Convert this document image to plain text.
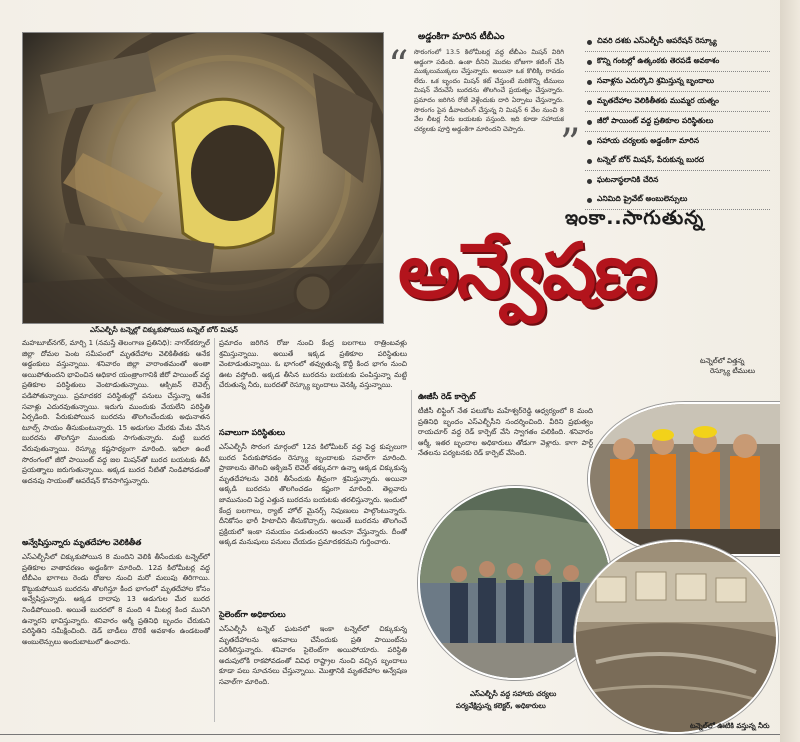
ఎస్ఎల్బీసీ టన్నెల్లో చిక్కుకుపోయిన టన్నెల్ బోర్ మిషన్

అడ్డంకిగా మారిన టీబీఎం

“
”

సొరంగంలో 13.5 కిలోమీటర్ల వద్ద టీబీఎం మిషన్ విరిగి అడ్డంగా పడింది. ఉంకా దీనిని మొదట బోజుగా కటింగ్ చేసి ముక్కలుముక్కలు చేస్తున్నారు. అయినా ఒక కొలిక్కి రావడం లేదు. ఒక బృందం మిషన్ కట్ చేస్తుంటే మరికొన్ని టీములు మిషన్ వేరుచేసే బురదను తొలగించే ప్రయత్నం చేస్తున్నారు. ప్రమాదం జరిగిన రోజే వెళ్లేందుకు దారి ఏర్పాటు చేస్తున్నారు. సొరంగం పైన డీవాటరింగ్ చేస్తున్న ని మిషన్ 6 వేల నుంచి 8 వేల లీటర్ల నీరు బయటకు వస్తుంది. ఇది కూడా సహాయక చర్యలకు పూర్తి అడ్డంకిగా మారిందని చెప్పారు.

చివరి దశకు ఎస్ఎల్బీసీ ఆపరేషన్ రెస్క్యూ
కొన్ని గంటల్లో ఉత్కంఠకు తెరపడే అవకాశం
సవాళ్లను ఎదుర్కొని శ్రమిస్తున్న బృందాలు
మృతదేహాల వెలికితీతకు ముమ్మర యత్నం
జీరో పాయింట్ వద్ద ప్రతికూల పరిస్థితులు
సహాయ చర్యలకు అడ్డంకిగా మారిన
టన్నెల్ బోర్ మిషన్, పేరుకున్న బురద
ఘటనాస్థలానికి చేరిన
ఎనిమిది ప్రైవేట్ అంబులెన్సులు
ఇంకా..సాగుతున్న
అన్వేషణ

మహబూబ్‌నగర్, మార్చి 1 (నమస్తే తెలంగాణ ప్రతినిధి): నాగర్‌కర్నూల్ జిల్లా దోమల పెంట సమీపంలో మృతదేహాల వెలికితీతకు అనేక అడ్డంకులు వస్తున్నాయి. శనివారం జిల్లా వారాంతమంతో అంతా అయిపోతుందని భావించిన అధికార యంత్రాంగానికి జీరో పాయింట్ వద్ద ప్రతికూల పరిస్థితులు వెంటాడుతున్నాయి. ఆక్సిజన్ లెవెల్స్ పడిపోతున్నాయి. ప్రమాదకర పరిస్థితుల్లో పనులు చేస్తున్నా అనేక సవాళ్లు ఎదురవుతున్నాయి. ఇదుగు ముందుకు వేయలేని పరిస్థితి ఏర్పడింది. పేరుకుపోయిన బురదను తొలగించేందుకు అధునాతన టూల్స్ సాయం తీసుకుంటున్నారు. 15 అడుగుల మేరకు మేట వేసిన బురదను తొలగిస్తూ ముందుకు సాగుతున్నారు. మట్టి బురద వేరువుతున్నాయి. రెస్క్యూ కష్టసాధ్యంగా మారింది. ఇదిలా ఉంటే సొరంగంలో జీరో పాయింట్ వద్ద జల మిషన్‌తో బురద బయటకు తీసే ప్రయత్నాలు జరుగుతున్నాయి. అక్కడ బురద నీటితో నిండిపోవడంతో అదనపు సాయంతో ఆపరేషన్ కొనసాగిస్తున్నారు.

అన్వేషిస్తున్నారు మృతదేహాల వెలికితీత

ఎస్ఎల్బీసీలో చిక్కుకుపోయిన 8 మందిని వెలికి తీసేందుకు టన్నెల్‌లో ప్రతికూల వాతావరణం అడ్డంకిగా మారింది. 12వ కిలోమీటర్ల వద్ద టీబీఎం భాగాలు రెండు రోజుల నుంచి మరో మలుపు తిరిగాయి. కొట్టుకుపోయిన బురదను తొలగిస్తూ కింద భాగంలో మృతదేహాల కోసం అన్వేషిస్తున్నారు. అక్కడ దాదాపు 13 అడుగుల మేర బురద నిండిపోయింది. అయితే బురదలో 8 మంది 4 మీటర్ల కింద మునిగి ఉన్నారని భావిస్తున్నారు. శనివారం ఆర్మీ ప్రతినిధి బృందం చేరుకుని పరిస్థితిని సమీక్షించింది. డెడ్ బాడీలు దొరికే అవకాశం ఉండటంతో అంబులెన్సులు అందుబాటులో ఉంచారు.

ప్రమాదం జరిగిన రోజు నుంచి కేంద్ర బలగాలు రాత్రింబవళ్లు శ్రమిస్తున్నాయి. అయితే ఇక్కడ ప్రతికూల పరిస్థితులు వెంటాడుతున్నాయి. ఓ భాగంలో తవ్వుతున్న కొద్దీ కింద భాగం నుంచి ఊట వస్తోంది. అక్కడ తీసిన బురదను బయటకు పంపిస్తున్నా మట్టి చేరుతున్న నీరు, బురదతో రెస్క్యూ బృందాలు వెనక్కి వస్తున్నాయి.

సవాలుగా పరిస్థితులు

ఎస్ఎల్బీసీ సొరంగ మార్గంలో 12వ కిలోమీటర్ వద్ద పెద్ద కుప్పలుగా బురద పేరుకుపోవడం రెస్క్యూ బృందాలకు సవాల్‌గా మారింది. ప్రాణాలను తెగించి ఆక్సిజన్ లెవెల్ తక్కువగా ఉన్నా అక్కడ చిక్కుకున్న మృతదేహాలను వెలికి తీసేందుకు తీవ్రంగా శ్రమిస్తున్నారు. అయినా అక్కడి బురదను తొలగించడం కష్టంగా మారింది. తెల్లవారు జామునుంచి పెద్ద ఎత్తున బురదను బయటకు తరలిస్తున్నారు. ఇందులో కేంద్ర బలగాలు, ర్యాట్ హోల్ మైనర్స్ నిపుణులు పాల్గొంటున్నారు. దీనికోసం భారీ హిటాచీని తీసుకొచ్చారు. అయితే బురదను తొలగించే ప్రక్రియలో ఇంకా సమయం పడుతుందని అంచనా వేస్తున్నారు. దీంతో అక్కడ మనుషులు పనులు చేయడం ప్రమాదకరమని గుర్తించారు.

సైలెంట్‌గా అధికారులు

ఎస్ఎల్బీసీ టన్నెల్ ఘటనలో ఇంకా టన్నెల్‌లో చిక్కుకున్న మృతదేహాలను ఆనవాలు చేసేందుకు ప్రతి పాయింట్‌ను పరిశీలిస్తున్నారు. శనివారం సైలెంట్‌గా అయిపోయారు. పరిస్థితి అదుపులోకి రాకపోవడంతో వివిధ రాష్ట్రాల నుంచి వచ్చిన బృందాలు కూడా పలు సూచనలు చేస్తున్నాయి. మొత్తానికి మృతదేహాల అన్వేషణ సవాల్‌గా మారింది.

ఊజీసీ రెడ్ కార్పెట్

టీజీసీ లిఫ్టింగ్ నేత పలుకోట మహేశ్వర్‌రెడ్డి ఆధ్వర్యంలో 8 మంది ప్రతినిధి బృందం ఎస్ఎల్బీసీని సందర్శించింది. వీరిని ప్రభుత్వం రాయచూర్ వద్ద రెడ్ కార్పెట్ వేసి స్వాగతం పలికింది. శనివారం ఆర్మీ, ఇతర బృందాల అధికారులు తోడుగా వెళ్లారు. కాగా పార్ట్ నేతలను పర్యటనకు రెడ్ కార్పెట్ వేసింది.

టన్నెల్‌లో విత్తన్న
రెస్క్యూ టీములు
ఎస్ఎల్బీసీ వద్ద సహాయ చర్యలు
పర్యవేక్షిస్తున్న కలెక్టర్, అధికారులు
టన్నెల్‌లో ఊటికి వస్తున్న నీరు
